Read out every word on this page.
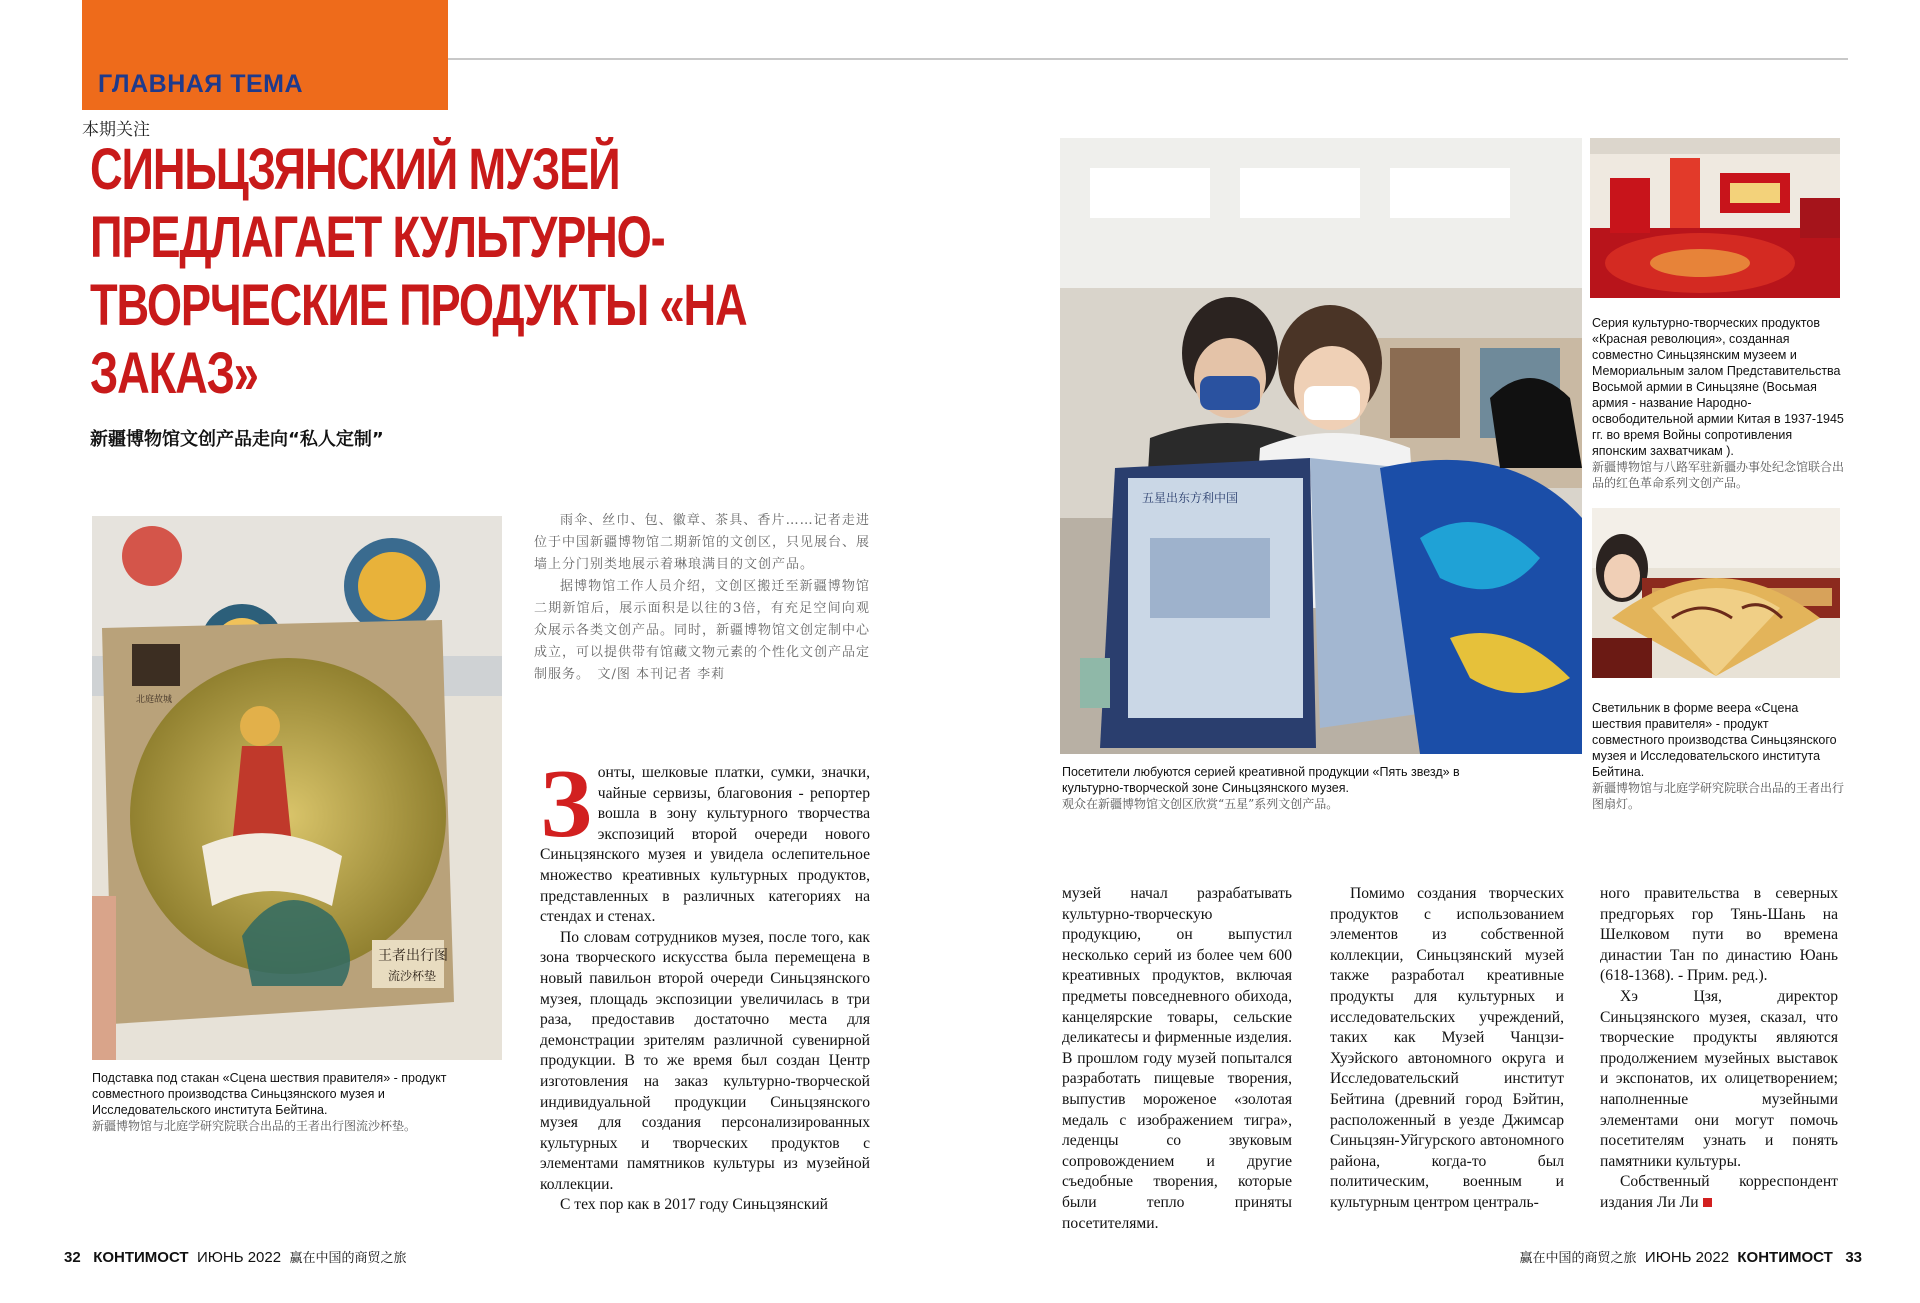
ГЛАВНАЯ ТЕМА
本期关注
СИНЬЦЗЯНСКИЙ МУЗЕЙ ПРЕДЛАГАЕТ КУЛЬТУРНО-ТВОРЧЕСКИЕ ПРОДУКТЫ «НА ЗАКАЗ»
新疆博物馆文创产品走向“私人定制”
王者出行图
流沙杯垫
北庭故城
Подставка под стакан «Сцена шествия правителя» - продукт совместного производства Синьцзянского музея и Исследовательского института Бейтина.
新疆博物馆与北庭学研究院联合出品的王者出行图流沙杯垫。

雨伞、丝巾、包、徽章、茶具、香片……记者走进位于中国新疆博物馆二期新馆的文创区，只见展台、展墙上分门别类地展示着琳琅满目的文创产品。

据博物馆工作人员介绍，文创区搬迁至新疆博物馆二期新馆后，展示面积是以往的3倍，有充足空间向观众展示各类文创产品。同时，新疆博物馆文创定制中心成立，可以提供带有馆藏文物元素的个性化文创产品定制服务。　文/图 本刊记者 李莉

Зонты, шелковые платки, сумки, значки, чайные сервизы, благовония - репортер вошла в зону культурного творчества экспозиций второй очереди нового Синьцзянского музея и увидела ослепительное множество креативных культурных продуктов, представленных в различных категориях на стендах и стенах.

По словам сотрудников музея, после того, как зона творческого искусства была перемещена в новый павильон второй очереди Синьцзянского музея, площадь экспозиции увеличилась в три раза, предоставив достаточно места для демонстрации зрителям различной сувенирной продукции. В то же время был создан Центр изготовления на заказ культурно-творческой индивидуальной продукции Синьцзянского музея для создания персонализированных культурных и творческих продуктов с элементами памятников культуры из музейной коллекции.

С тех пор как в 2017 году Синьцзянский

五星出东方利中国
Посетители любуются серией креативной продукции «Пять звезд» в культурно-творческой зоне Синьцзянского музея.
观众在新疆博物馆文创区欣赏“五星”系列文创产品。
Серия культурно-творческих продуктов «Красная революция», созданная совместно Синьцзянским музеем и Мемориальным залом Представительства Восьмой армии в Синьцзяне (Восьмая армия - название Народно-освободительной армии Китая в 1937-1945 гг. во время Войны сопротивления японским захватчикам ).
新疆博物馆与八路军驻新疆办事处纪念馆联合出品的红色革命系列文创产品。
Светильник в форме веера «Сцена шествия правителя» - продукт совместного производства Синьцзянского музея и Исследовательского института Бейтина.
新疆博物馆与北庭学研究院联合出品的王者出行图扇灯。

музей начал разрабатывать культурно-творческую продукцию, он выпустил несколько серий из более чем 600 креативных продуктов, включая предметы повседневного обихода, канцелярские товары, сельские деликатесы и фирменные изделия. В прошлом году музей попытался разработать пищевые творения, выпустив мороженое «золотая медаль с изображением тигра», леденцы со звуковым сопровождением и другие съедобные творения, которые были тепло приняты посетителями.

Помимо создания творческих продуктов с использованием элементов из собственной коллекции, Синьцзянский музей также разработал креативные продукты для культурных и исследовательских учреждений, таких как Музей Чанцзи-Хуэйского автономного округа и Исследовательский институт Бейтина (древний город Бэйтин, расположенный в уезде Джимсар Синьцзян-Уйгурского автономного района, когда-то был политическим, военным и культурным центром централь-

ного правительства в северных предгорьях гор Тянь-Шань на Шелковом пути во времена династии Тан по династию Юань (618-1368). - Прим. ред.).

Хэ Цзя, директор Синьцзянского музея, сказал, что творческие продукты являются продолжением музейных выставок и экспонатов, их олицетворением; наполненные музейными элементами они могут помочь посетителям узнать и понять памятники культуры.

Собственный корреспондент издания Ли Ли

32 КОНТИМОСТ ИЮНЬ 2022 赢在中国的商贸之旅	赢在中国的商贸之旅 ИЮНЬ 2022 КОНТИМОСТ 33
